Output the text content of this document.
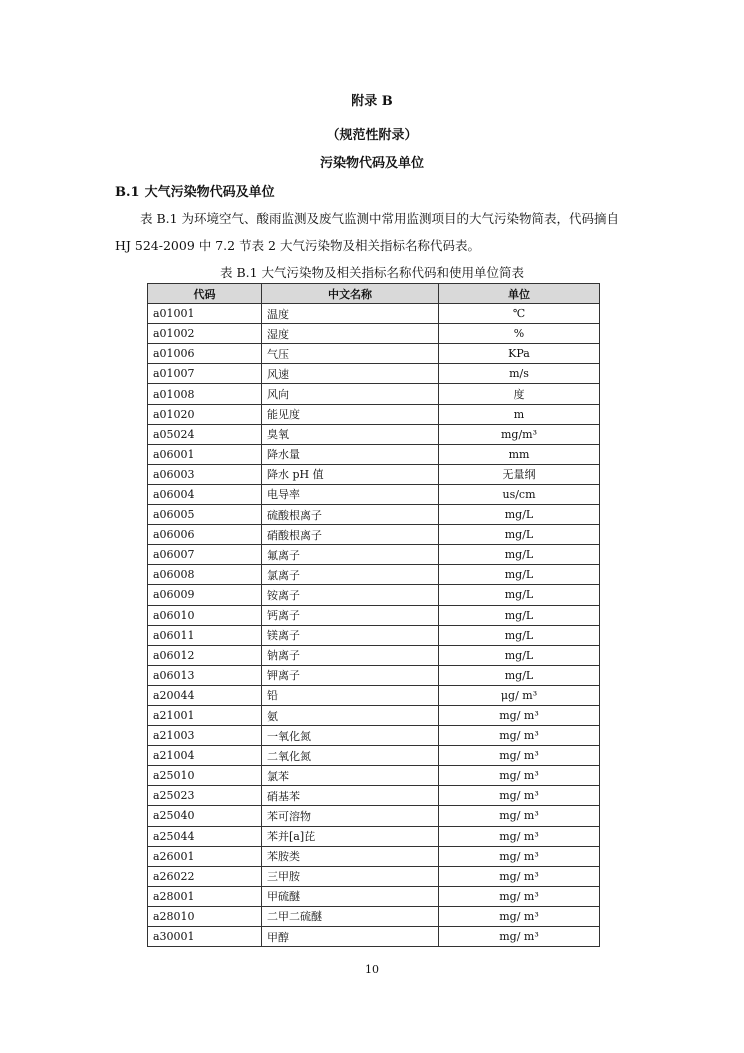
附录 B
（规范性附录）
污染物代码及单位
B.1 大气污染物代码及单位
表 B.1 为环境空气、酸雨监测及废气监测中常用监测项目的大气污染物简表，代码摘自
HJ 524-2009 中 7.2 节表 2 大气污染物及相关指标名称代码表。
表 B.1 大气污染物及相关指标名称代码和使用单位简表
代码	中文名称	单位
a01001	温度	℃
a01002	湿度	%
a01006	气压	KPa
a01007	风速	m/s
a01008	风向	度
a01020	能见度	m
a05024	臭氧	mg/m³
a06001	降水量	mm
a06003	降水 pH 值	无量纲
a06004	电导率	us/cm
a06005	硫酸根离子	mg/L
a06006	硝酸根离子	mg/L
a06007	氟离子	mg/L
a06008	氯离子	mg/L
a06009	铵离子	mg/L
a06010	钙离子	mg/L
a06011	镁离子	mg/L
a06012	钠离子	mg/L
a06013	钾离子	mg/L
a20044	铅	μg/ m³
a21001	氨	mg/ m³
a21003	一氧化氮	mg/ m³
a21004	二氧化氮	mg/ m³
a25010	氯苯	mg/ m³
a25023	硝基苯	mg/ m³
a25040	苯可溶物	mg/ m³
a25044	苯并[a]芘	mg/ m³
a26001	苯胺类	mg/ m³
a26022	三甲胺	mg/ m³
a28001	甲硫醚	mg/ m³
a28010	二甲二硫醚	mg/ m³
a30001	甲醇	mg/ m³
10
